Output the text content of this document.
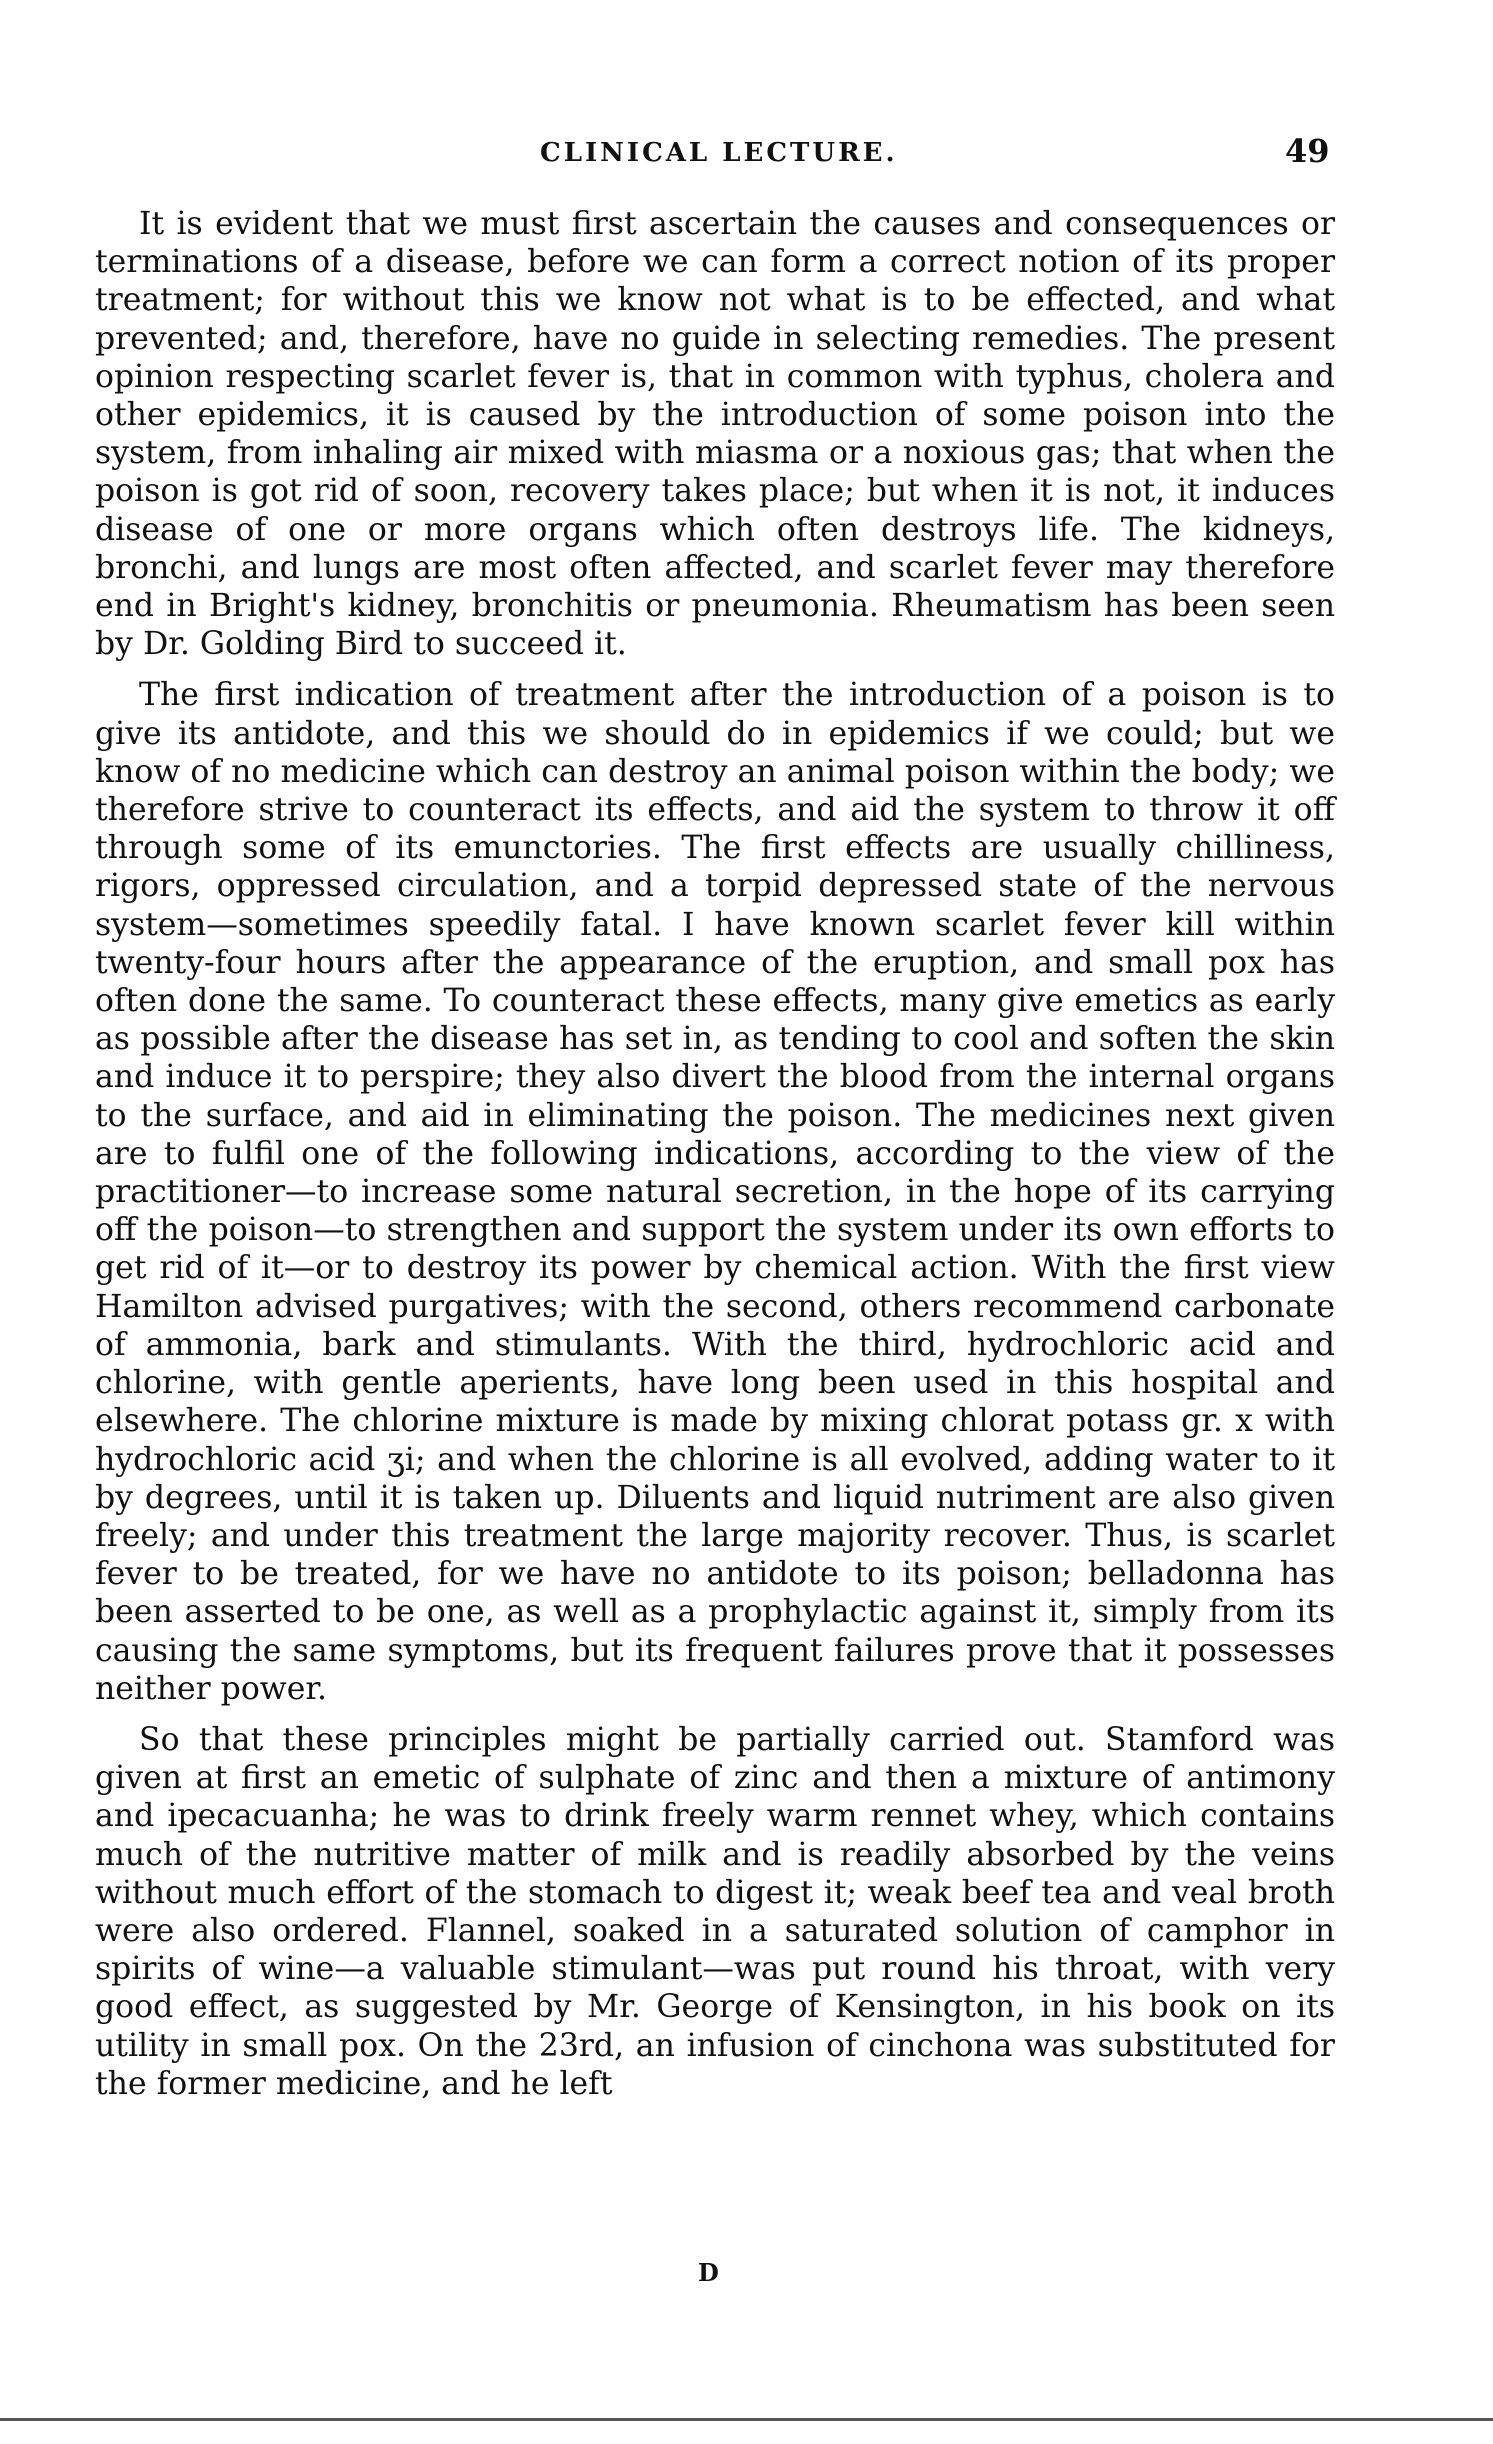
CLINICAL LECTURE.	49

It is evident that we must first ascertain the causes and consequences or terminations of a disease, before we can form a correct notion of its proper treatment; for without this we know not what is to be effected, and what prevented; and, therefore, have no guide in selecting remedies. The present opinion respecting scarlet fever is, that in common with typhus, cholera and other epidemics, it is caused by the introduction of some poison into the system, from inhaling air mixed with miasma or a noxious gas; that when the poison is got rid of soon, recovery takes place; but when it is not, it induces disease of one or more organs which often destroys life. The kidneys, bronchi, and lungs are most often affected, and scarlet fever may therefore end in Bright's kidney, bronchitis or pneumonia. Rheumatism has been seen by Dr. Golding Bird to succeed it.

The first indication of treatment after the introduction of a poison is to give its antidote, and this we should do in epidemics if we could; but we know of no medicine which can destroy an animal poison within the body; we therefore strive to counteract its effects, and aid the system to throw it off through some of its emunctories. The first effects are usually chilliness, rigors, oppressed circulation, and a torpid depressed state of the nervous system—sometimes speedily fatal. I have known scarlet fever kill within twenty-four hours after the appearance of the eruption, and small pox has often done the same. To counteract these effects, many give emetics as early as possible after the disease has set in, as tending to cool and soften the skin and induce it to perspire; they also divert the blood from the internal organs to the surface, and aid in eliminating the poison. The medicines next given are to fulfil one of the following indications, according to the view of the practitioner—to increase some natural secretion, in the hope of its carrying off the poison—to strengthen and support the system under its own efforts to get rid of it—or to destroy its power by chemical action. With the first view Hamilton advised purgatives; with the second, others recommend carbonate of ammonia, bark and stimulants. With the third, hydrochloric acid and chlorine, with gentle aperients, have long been used in this hospital and elsewhere. The chlorine mixture is made by mixing chlorat potass gr. x with hydrochloric acid ʒi; and when the chlorine is all evolved, adding water to it by degrees, until it is taken up. Diluents and liquid nutriment are also given freely; and under this treatment the large majority recover. Thus, is scarlet fever to be treated, for we have no antidote to its poison; belladonna has been asserted to be one, as well as a prophylactic against it, simply from its causing the same symptoms, but its frequent failures prove that it possesses neither power.

So that these principles might be partially carried out. Stamford was given at first an emetic of sulphate of zinc and then a mixture of antimony and ipecacuanha; he was to drink freely warm rennet whey, which contains much of the nutritive matter of milk and is readily absorbed by the veins without much effort of the stomach to digest it; weak beef tea and veal broth were also ordered. Flannel, soaked in a saturated solution of camphor in spirits of wine—a valuable stimulant—was put round his throat, with very good effect, as suggested by Mr. George of Kensington, in his book on its utility in small pox. On the 23rd, an infusion of cinchona was substituted for the former medicine, and he left

D
